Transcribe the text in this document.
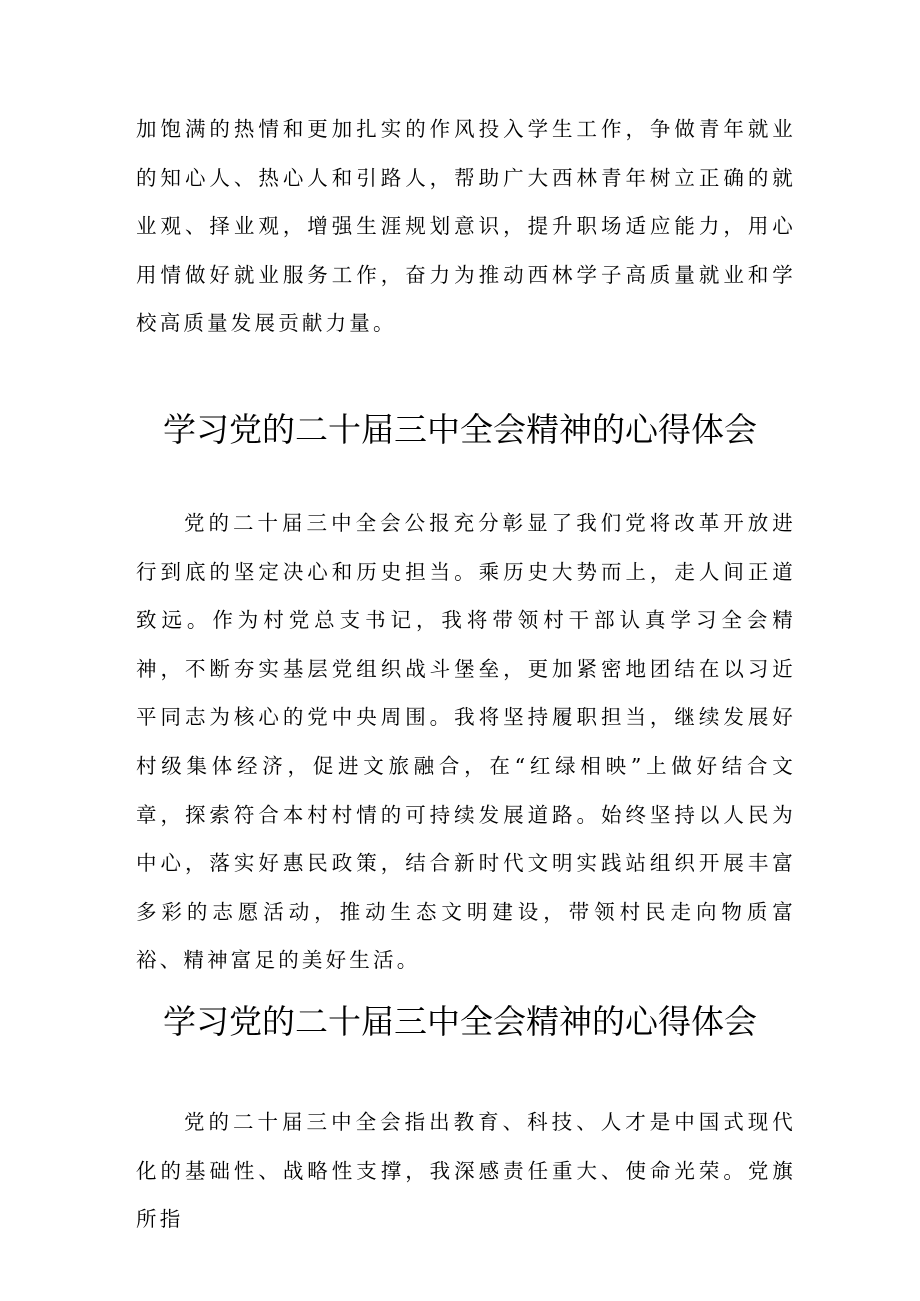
加饱满的热情和更加扎实的作风投入学生工作，争做青年就业的知心人、热心人和引路人，帮助广大西林青年树立正确的就业观、择业观，增强生涯规划意识，提升职场适应能力，用心用情做好就业服务工作，奋力为推动西林学子高质量就业和学校高质量发展贡献力量。

学习党的二十届三中全会精神的心得体会

党的二十届三中全会公报充分彰显了我们党将改革开放进行到底的坚定决心和历史担当。乘历史大势而上，走人间正道致远。作为村党总支书记，我将带领村干部认真学习全会精神，不断夯实基层党组织战斗堡垒，更加紧密地团结在以习近平同志为核心的党中央周围。我将坚持履职担当，继续发展好村级集体经济，促进文旅融合，在“红绿相映”上做好结合文章，探索符合本村村情的可持续发展道路。始终坚持以人民为中心，落实好惠民政策，结合新时代文明实践站组织开展丰富多彩的志愿活动，推动生态文明建设，带领村民走向物质富裕、精神富足的美好生活。

学习党的二十届三中全会精神的心得体会

党的二十届三中全会指出教育、科技、人才是中国式现代化的基础性、战略性支撑，我深感责任重大、使命光荣。党旗所指
